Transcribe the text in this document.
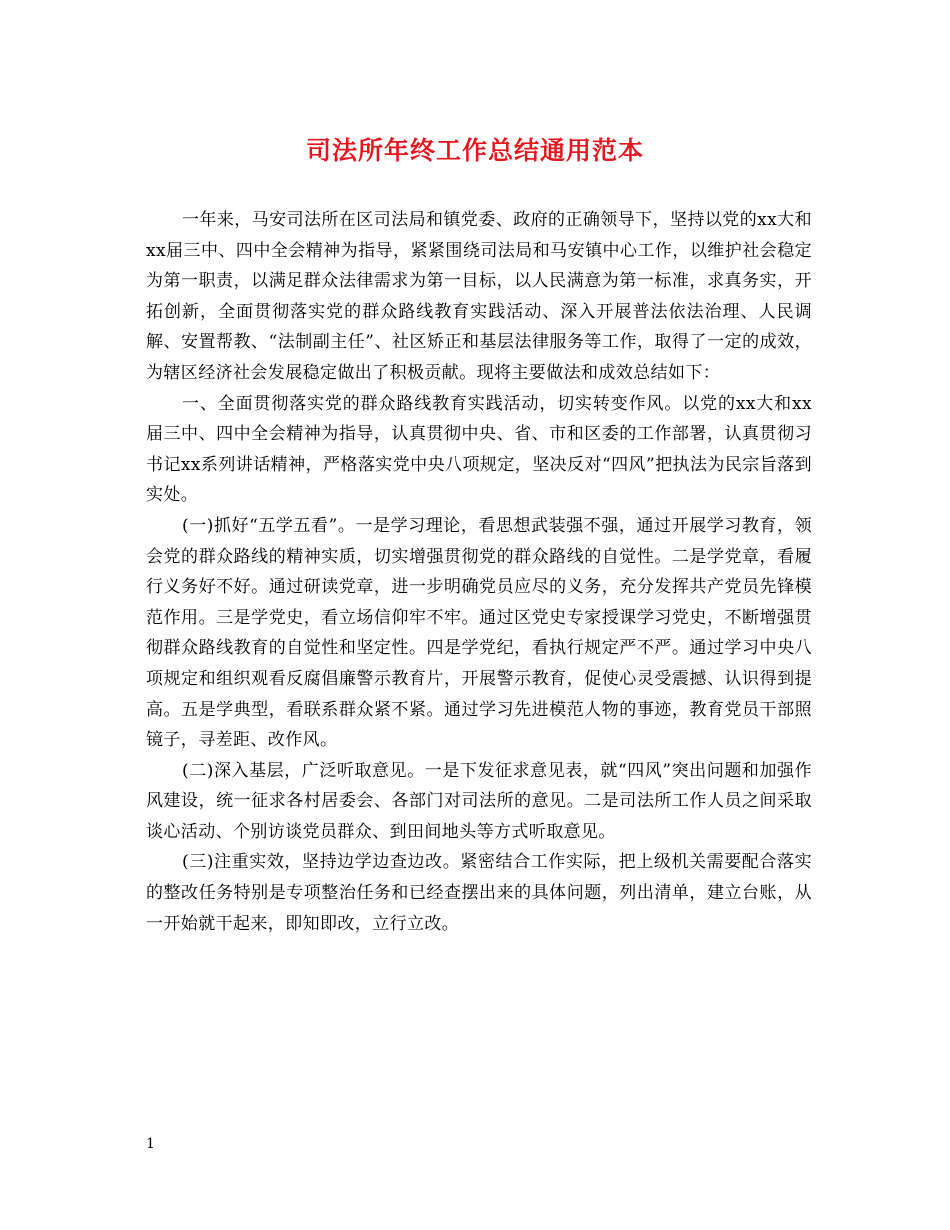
司法所年终工作总结通用范本

一年来，马安司法所在区司法局和镇党委、政府的正确领导下，坚持以党的xx大和xx届三中、四中全会精神为指导，紧紧围绕司法局和马安镇中心工作，以维护社会稳定为第一职责，以满足群众法律需求为第一目标，以人民满意为第一标准，求真务实，开拓创新，全面贯彻落实党的群众路线教育实践活动、深入开展普法依法治理、人民调解、安置帮教、“法制副主任”、社区矫正和基层法律服务等工作，取得了一定的成效，为辖区经济社会发展稳定做出了积极贡献。现将主要做法和成效总结如下：

一、全面贯彻落实党的群众路线教育实践活动，切实转变作风。以党的xx大和xx届三中、四中全会精神为指导，认真贯彻中央、省、市和区委的工作部署，认真贯彻习书记xx系列讲话精神，严格落实党中央八项规定，坚决反对“四风”把执法为民宗旨落到实处。

(一)抓好“五学五看”。一是学习理论，看思想武装强不强，通过开展学习教育，领会党的群众路线的精神实质，切实增强贯彻党的群众路线的自觉性。二是学党章，看履行义务好不好。通过研读党章，进一步明确党员应尽的义务，充分发挥共产党员先锋模范作用。三是学党史，看立场信仰牢不牢。通过区党史专家授课学习党史，不断增强贯彻群众路线教育的自觉性和坚定性。四是学党纪，看执行规定严不严。通过学习中央八项规定和组织观看反腐倡廉警示教育片，开展警示教育，促使心灵受震撼、认识得到提高。五是学典型，看联系群众紧不紧。通过学习先进模范人物的事迹，教育党员干部照镜子，寻差距、改作风。

(二)深入基层，广泛听取意见。一是下发征求意见表，就“四风”突出问题和加强作风建设，统一征求各村居委会、各部门对司法所的意见。二是司法所工作人员之间采取谈心活动、个别访谈党员群众、到田间地头等方式听取意见。

(三)注重实效，坚持边学边查边改。紧密结合工作实际，把上级机关需要配合落实的整改任务特别是专项整治任务和已经查摆出来的具体问题，列出清单，建立台账，从一开始就干起来，即知即改，立行立改。

1
